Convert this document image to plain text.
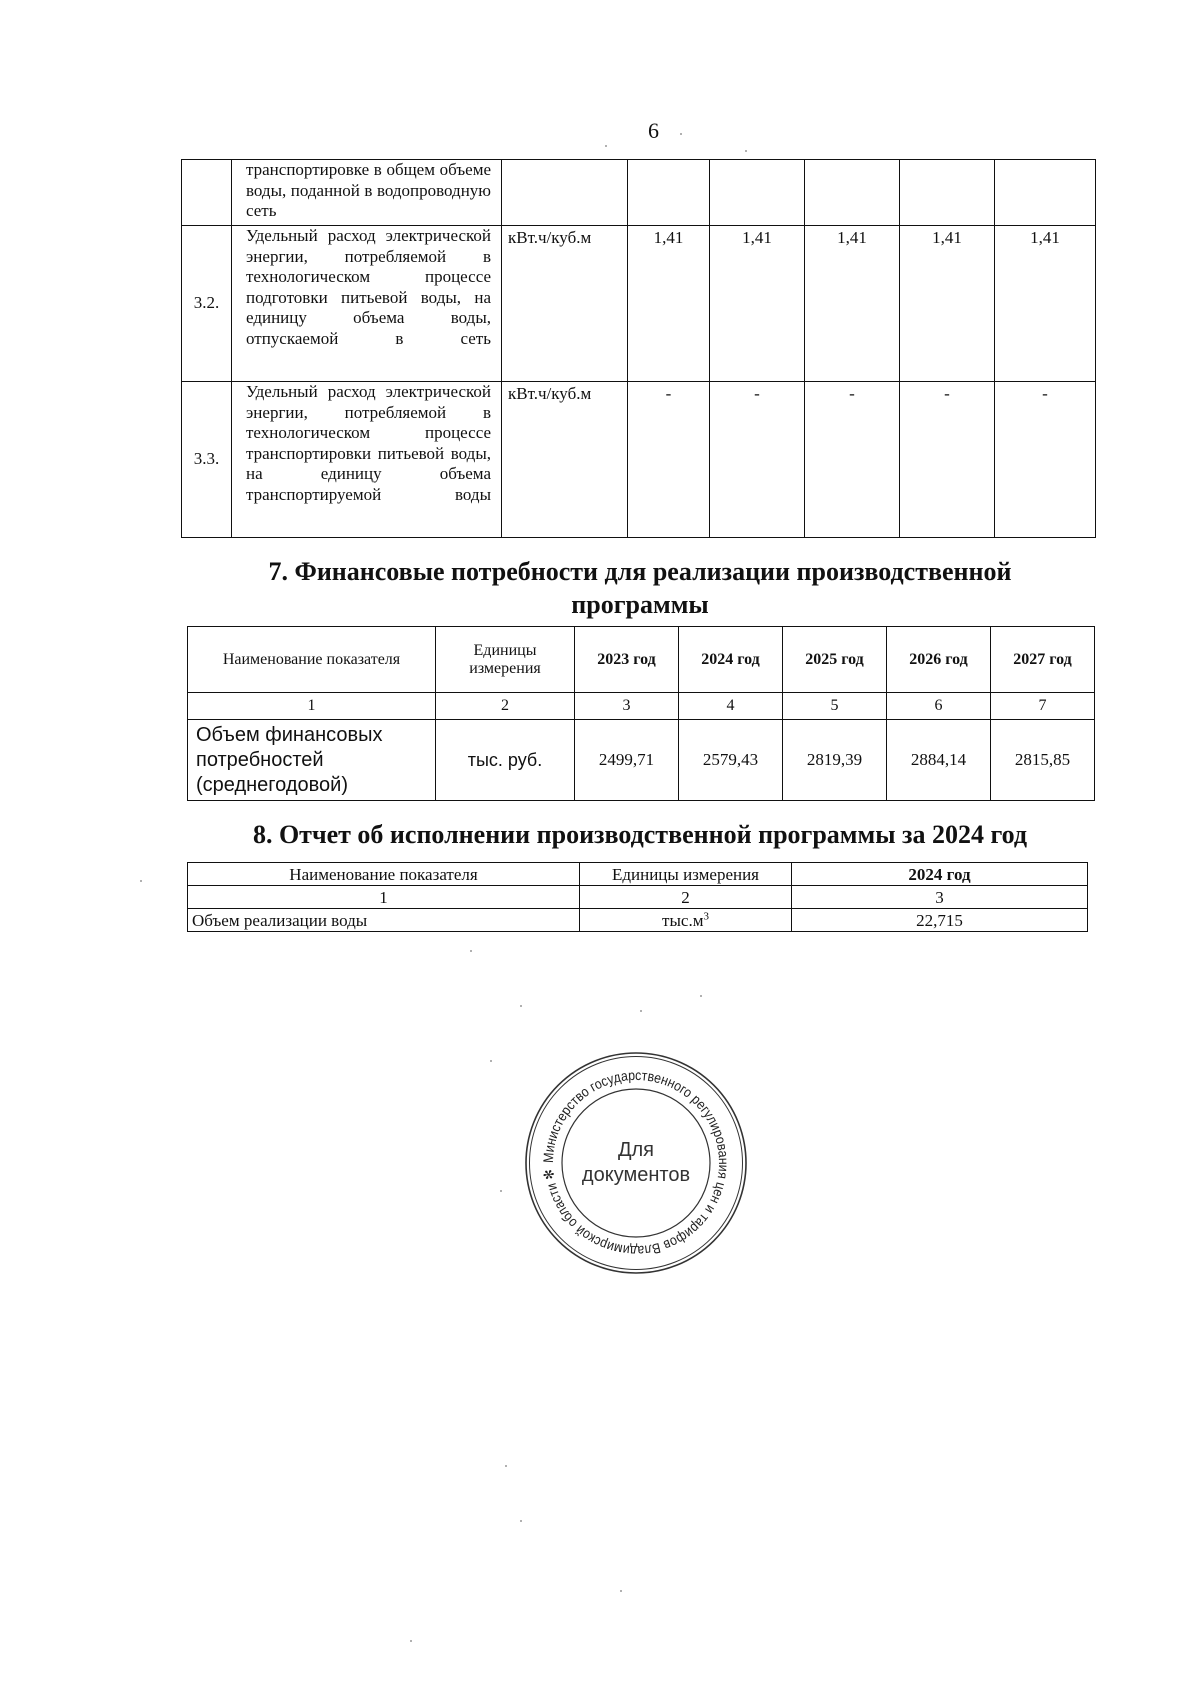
6
	транспортировке в общем объеме воды, поданной в водопроводную сеть						
3.2.	Удельный расход электрической энергии, потребляемой в технологическом процессе подготовки питьевой воды, на единицу объема воды, отпускаемой в сеть	кВт.ч/куб.м	1,41	1,41	1,41	1,41	1,41
3.3.	Удельный расход электрической энергии, потребляемой в технологическом процессе транспортировки питьевой воды, на единицу объема транспортируемой воды	кВт.ч/куб.м	-	-	-	-	-
7. Финансовые потребности для реализации производственной
программы
Наименование показателя	Единицы измерения	2023 год	2024 год	2025 год	2026 год	2027 год
1	2	3	4	5	6	7
Объем финансовых потребностей (среднегодовой)	тыс. руб.	2499,71	2579,43	2819,39	2884,14	2815,85
8. Отчет об исполнении производственной программы за 2024 год
Наименование показателя	Единицы измерения	2024 год
1	2	3
Объем реализации воды	$тыс.м^3$	22,715
Министерство государственного регулирования цен и тарифов Владимирской области ✻
Для
документов
